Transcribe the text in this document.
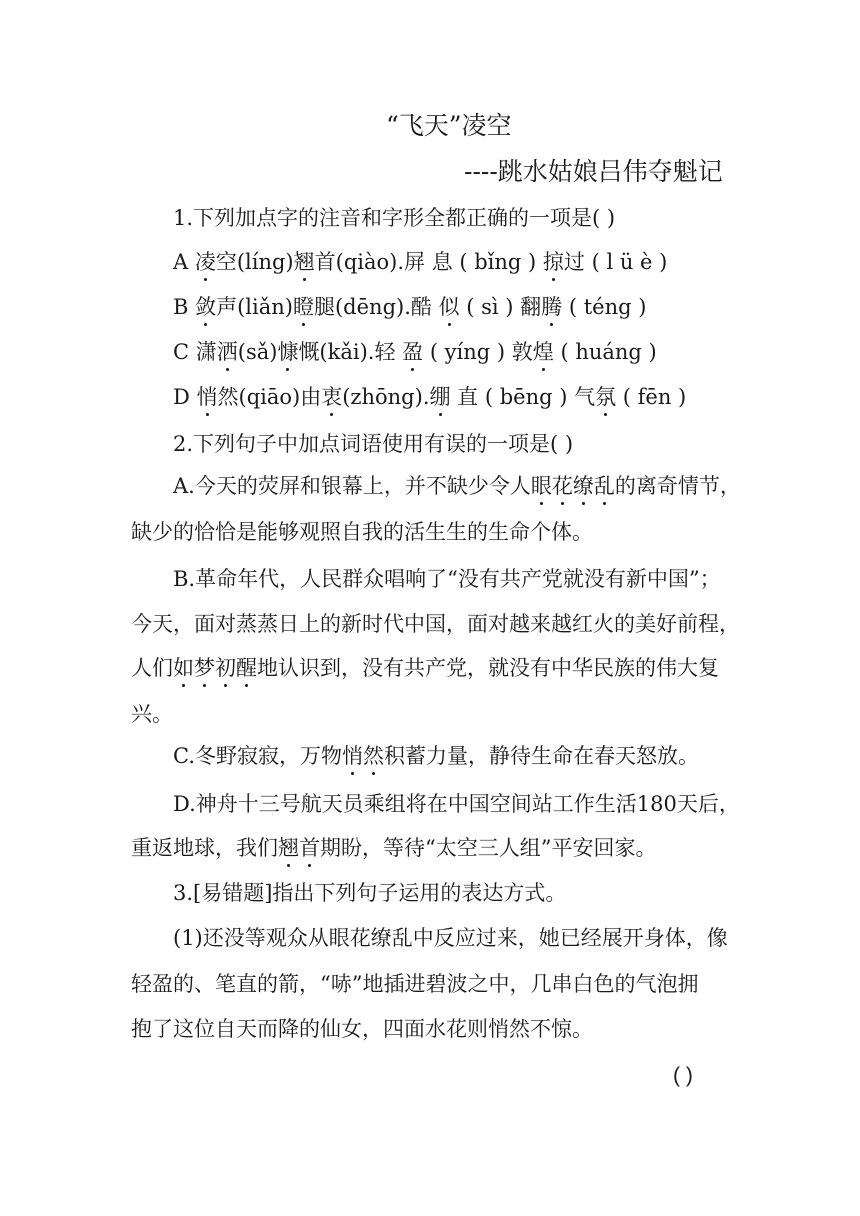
“飞天”凌空
----跳水姑娘吕伟夺魁记
1.下列加点字的注音和字形全都正确的一项是( )
A 凌空(líng)翘首(qiào).屏 息 ( bǐng ) 掠过 ( l ü è )
B 敛声(liǎn)瞪腿(dēng).酷 似 ( sì ) 翻腾 ( téng )
C 潇洒(sǎ)慷慨(kǎi).轻 盈 ( yíng ) 敦煌 ( huáng )
D 悄然(qiāo)由衷(zhōng).绷 直 ( bēng ) 气氛 ( fēn )
2.下列句子中加点词语使用有误的一项是( )
A.今天的荧屏和银幕上，并不缺少令人眼花缭乱的离奇情节，
缺少的恰恰是能够观照自我的活生生的生命个体。
B.革命年代，人民群众唱响了“没有共产党就没有新中国”；
今天，面对蒸蒸日上的新时代中国，面对越来越红火的美好前程，
人们如梦初醒地认识到，没有共产党，就没有中华民族的伟大复
兴。
C.冬野寂寂，万物悄然积蓄力量，静待生命在春天怒放。
D.神舟十三号航天员乘组将在中国空间站工作生活180天后，
重返地球，我们翘首期盼，等待“太空三人组”平安回家。
3.[易错题]指出下列句子运用的表达方式。
(1)还没等观众从眼花缭乱中反应过来，她已经展开身体，像
轻盈的、笔直的箭，“哧”地插进碧波之中，几串白色的气泡拥
抱了这位自天而降的仙女，四面水花则悄然不惊。
( )
